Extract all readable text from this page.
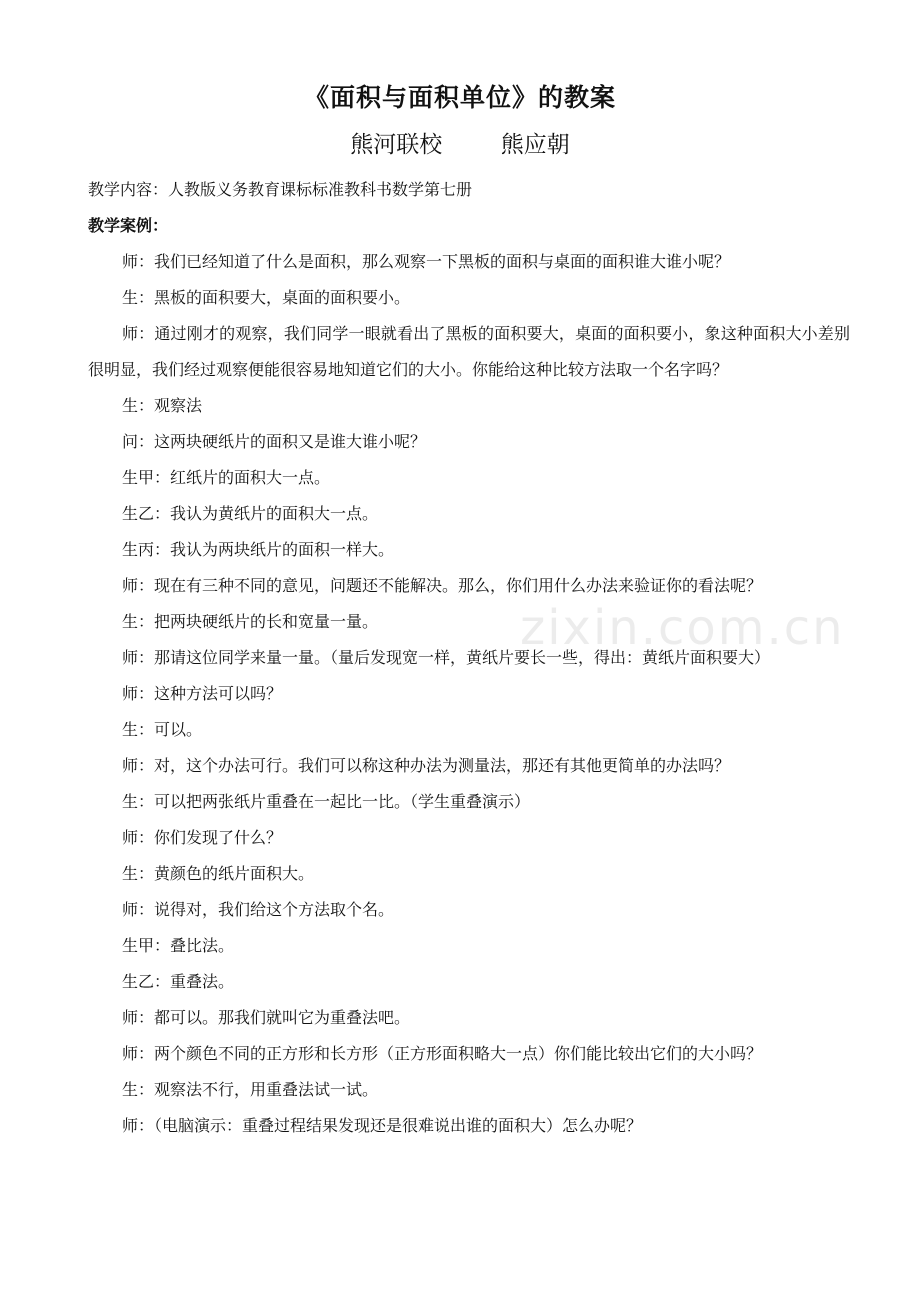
《面积与面积单位》的教案
熊河联校        熊应朝

教学内容：人教版义务教育课标标准教科书数学第七册

教学案例：

师：我们已经知道了什么是面积，那么观察一下黑板的面积与桌面的面积谁大谁小呢？

生：黑板的面积要大，桌面的面积要小。

师：通过刚才的观察，我们同学一眼就看出了黑板的面积要大，桌面的面积要小，象这种面积大小差别很明显，我们经过观察便能很容易地知道它们的大小。你能给这种比较方法取一个名字吗？

生：观察法

问：这两块硬纸片的面积又是谁大谁小呢？

生甲：红纸片的面积大一点。

生乙：我认为黄纸片的面积大一点。

生丙：我认为两块纸片的面积一样大。

师：现在有三种不同的意见，问题还不能解决。那么，你们用什么办法来验证你的看法呢？

生：把两块硬纸片的长和宽量一量。

师：那请这位同学来量一量。（量后发现宽一样，黄纸片要长一些，得出：黄纸片面积要大）

师：这种方法可以吗？

生：可以。

师：对，这个办法可行。我们可以称这种办法为测量法，那还有其他更简单的办法吗？

生：可以把两张纸片重叠在一起比一比。（学生重叠演示）

师：你们发现了什么？

生：黄颜色的纸片面积大。

师：说得对，我们给这个方法取个名。

生甲：叠比法。

生乙：重叠法。

师：都可以。那我们就叫它为重叠法吧。

师：两个颜色不同的正方形和长方形（正方形面积略大一点）你们能比较出它们的大小吗？

生：观察法不行，用重叠法试一试。

师：（电脑演示：重叠过程结果发现还是很难说出谁的面积大）怎么办呢？

zixin.com.cn
